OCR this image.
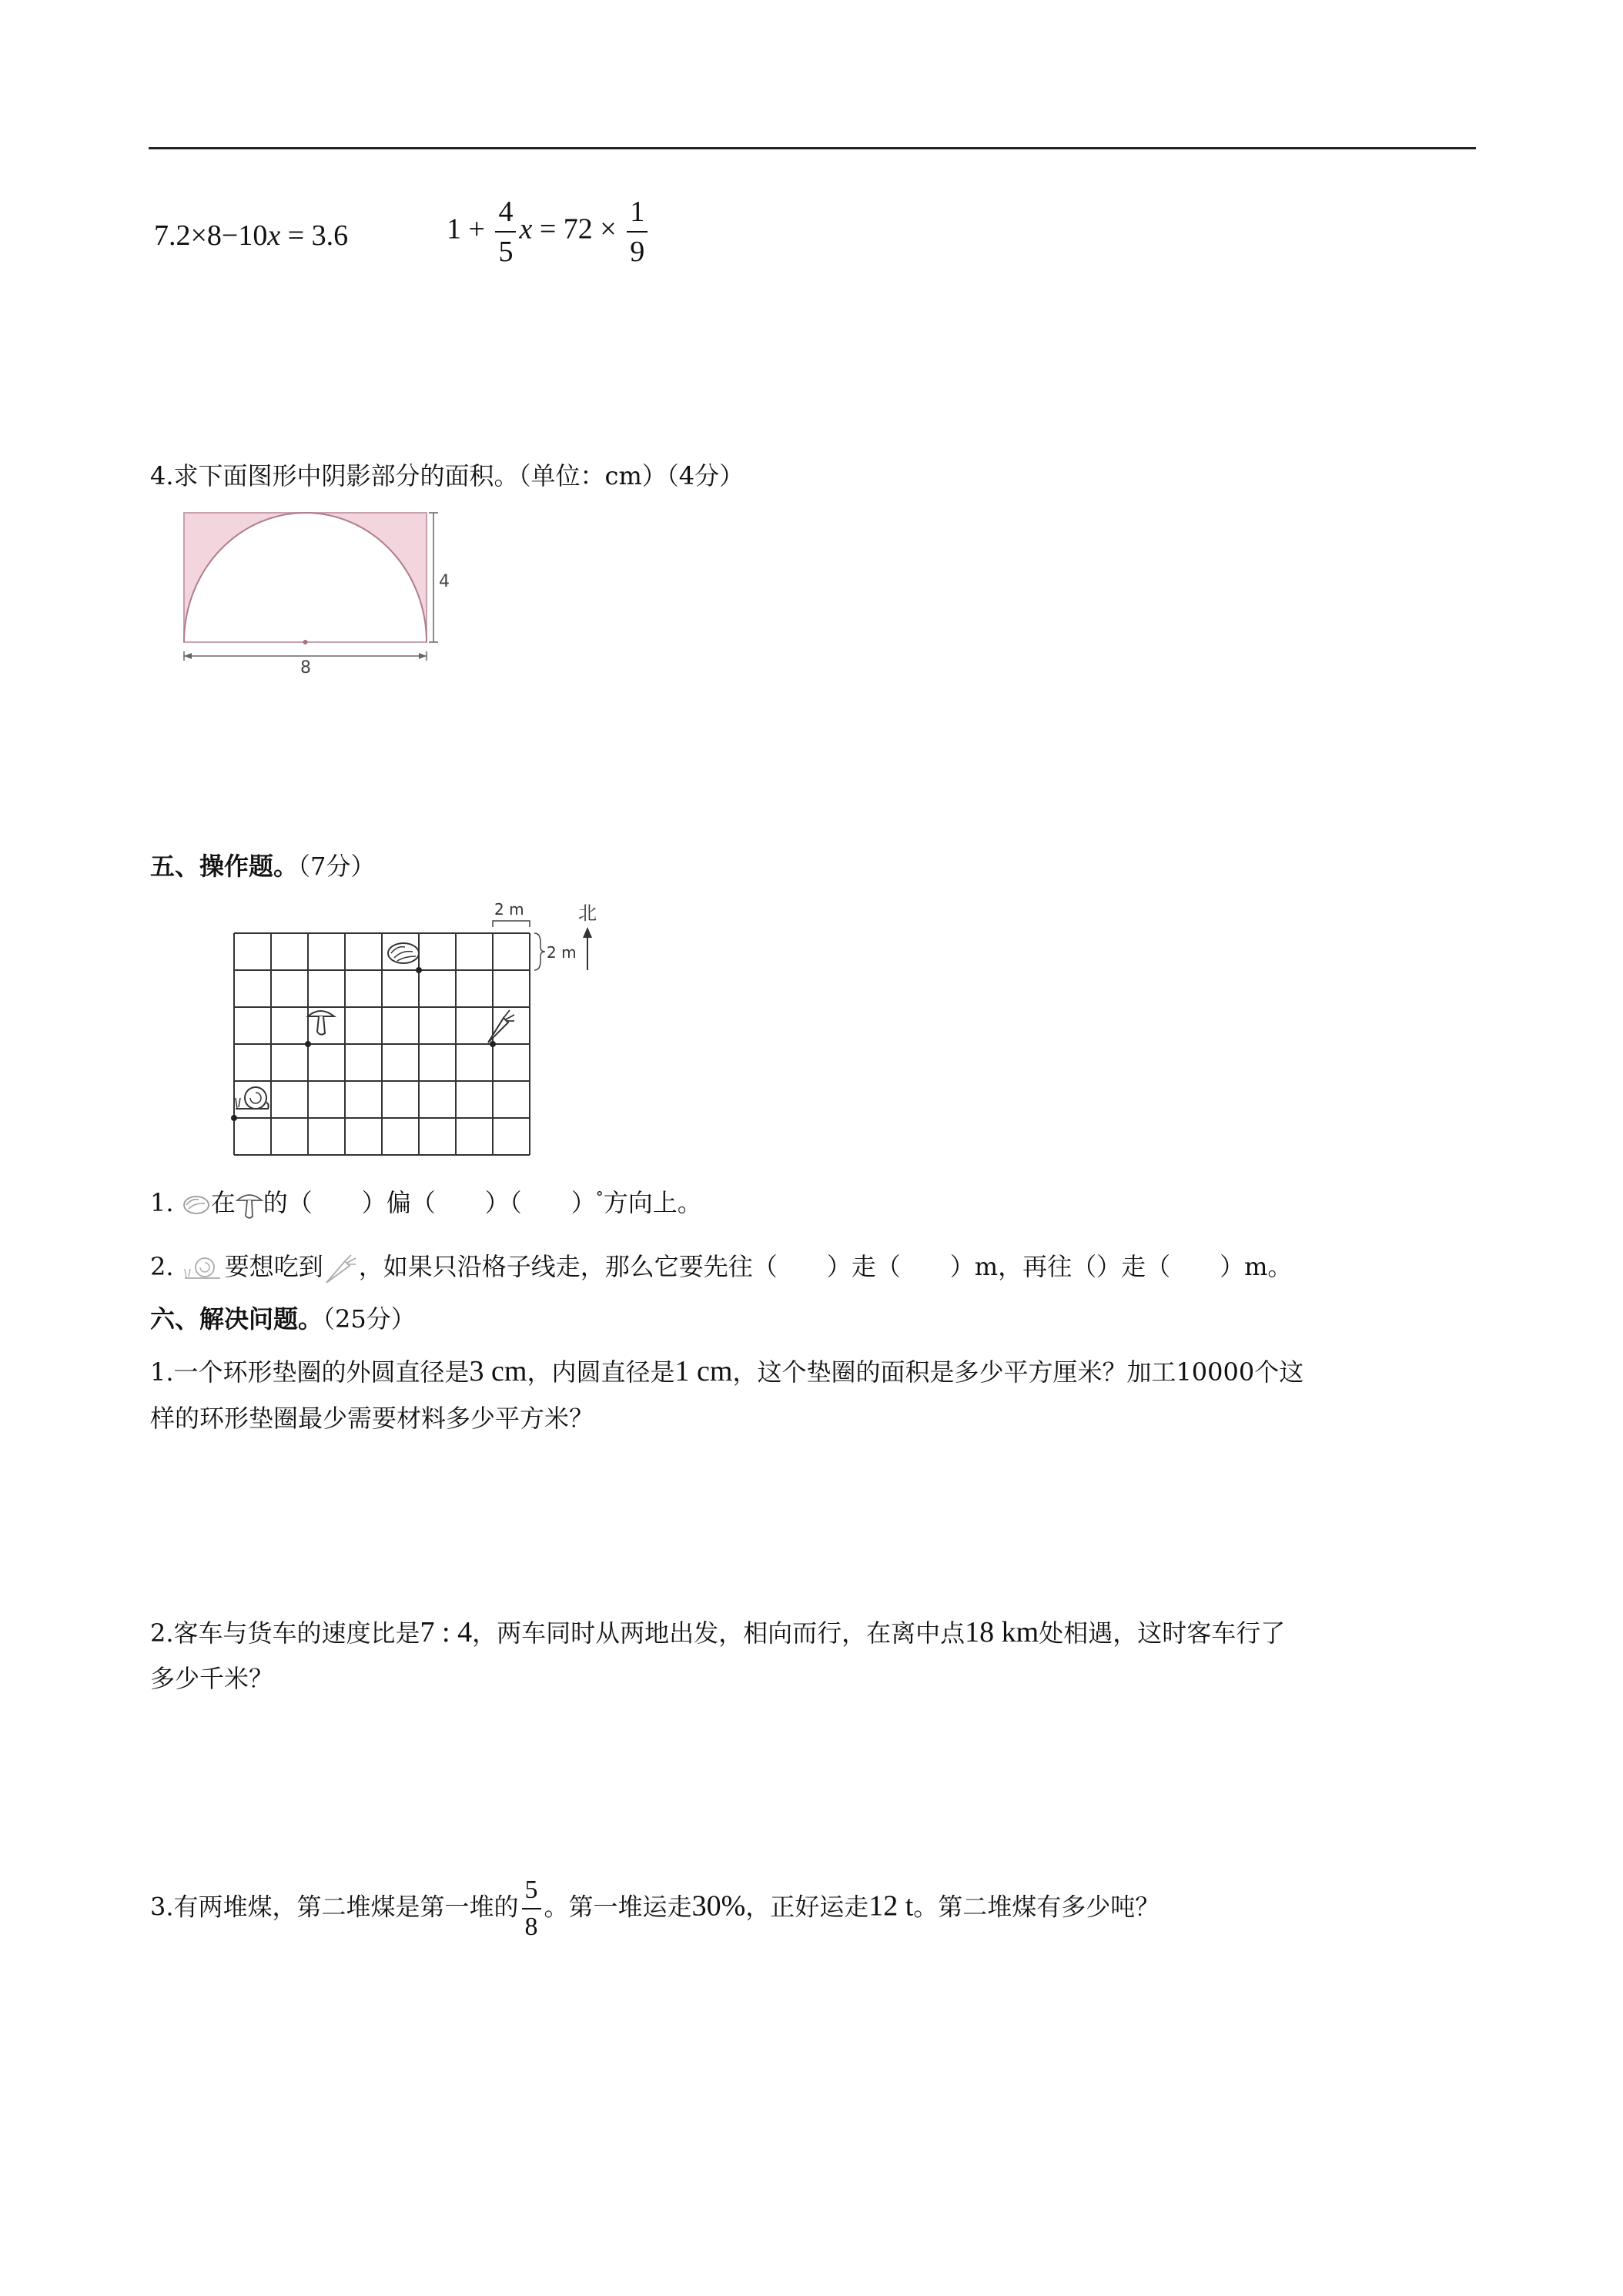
7.2×8−10x = 3.6	$1 + \frac{4}{5}$ $x = 72 \times \frac{1}{9}$
4.求下面图形中阴影部分的面积。（单位：cm）（4分）
4
8
五、操作题。（7分）
2 m
2 m
北
1. 在 的（　　）偏（　　）（　　）°方向上。
2. 要想吃到 ，如果只沿格子线走，那么它要先往（　　）走（　　）m，再往（）走（　　）m。
六、解决问题。（25分）
1.一个环形垫圈的外圆直径是3 cm，内圆直径是1 cm，这个垫圈的面积是多少平方厘米？加工10000个这
样的环形垫圈最少需要材料多少平方米？
2.客车与货车的速度比是7 : 4，两车同时从两地出发，相向而行，在离中点18 km处相遇，这时客车行了
多少千米？
3.有两堆煤，第二堆煤是第一堆的 $\frac{5}{8}$ 。第一堆运走30%，正好运走12 t。第二堆煤有多少吨？
